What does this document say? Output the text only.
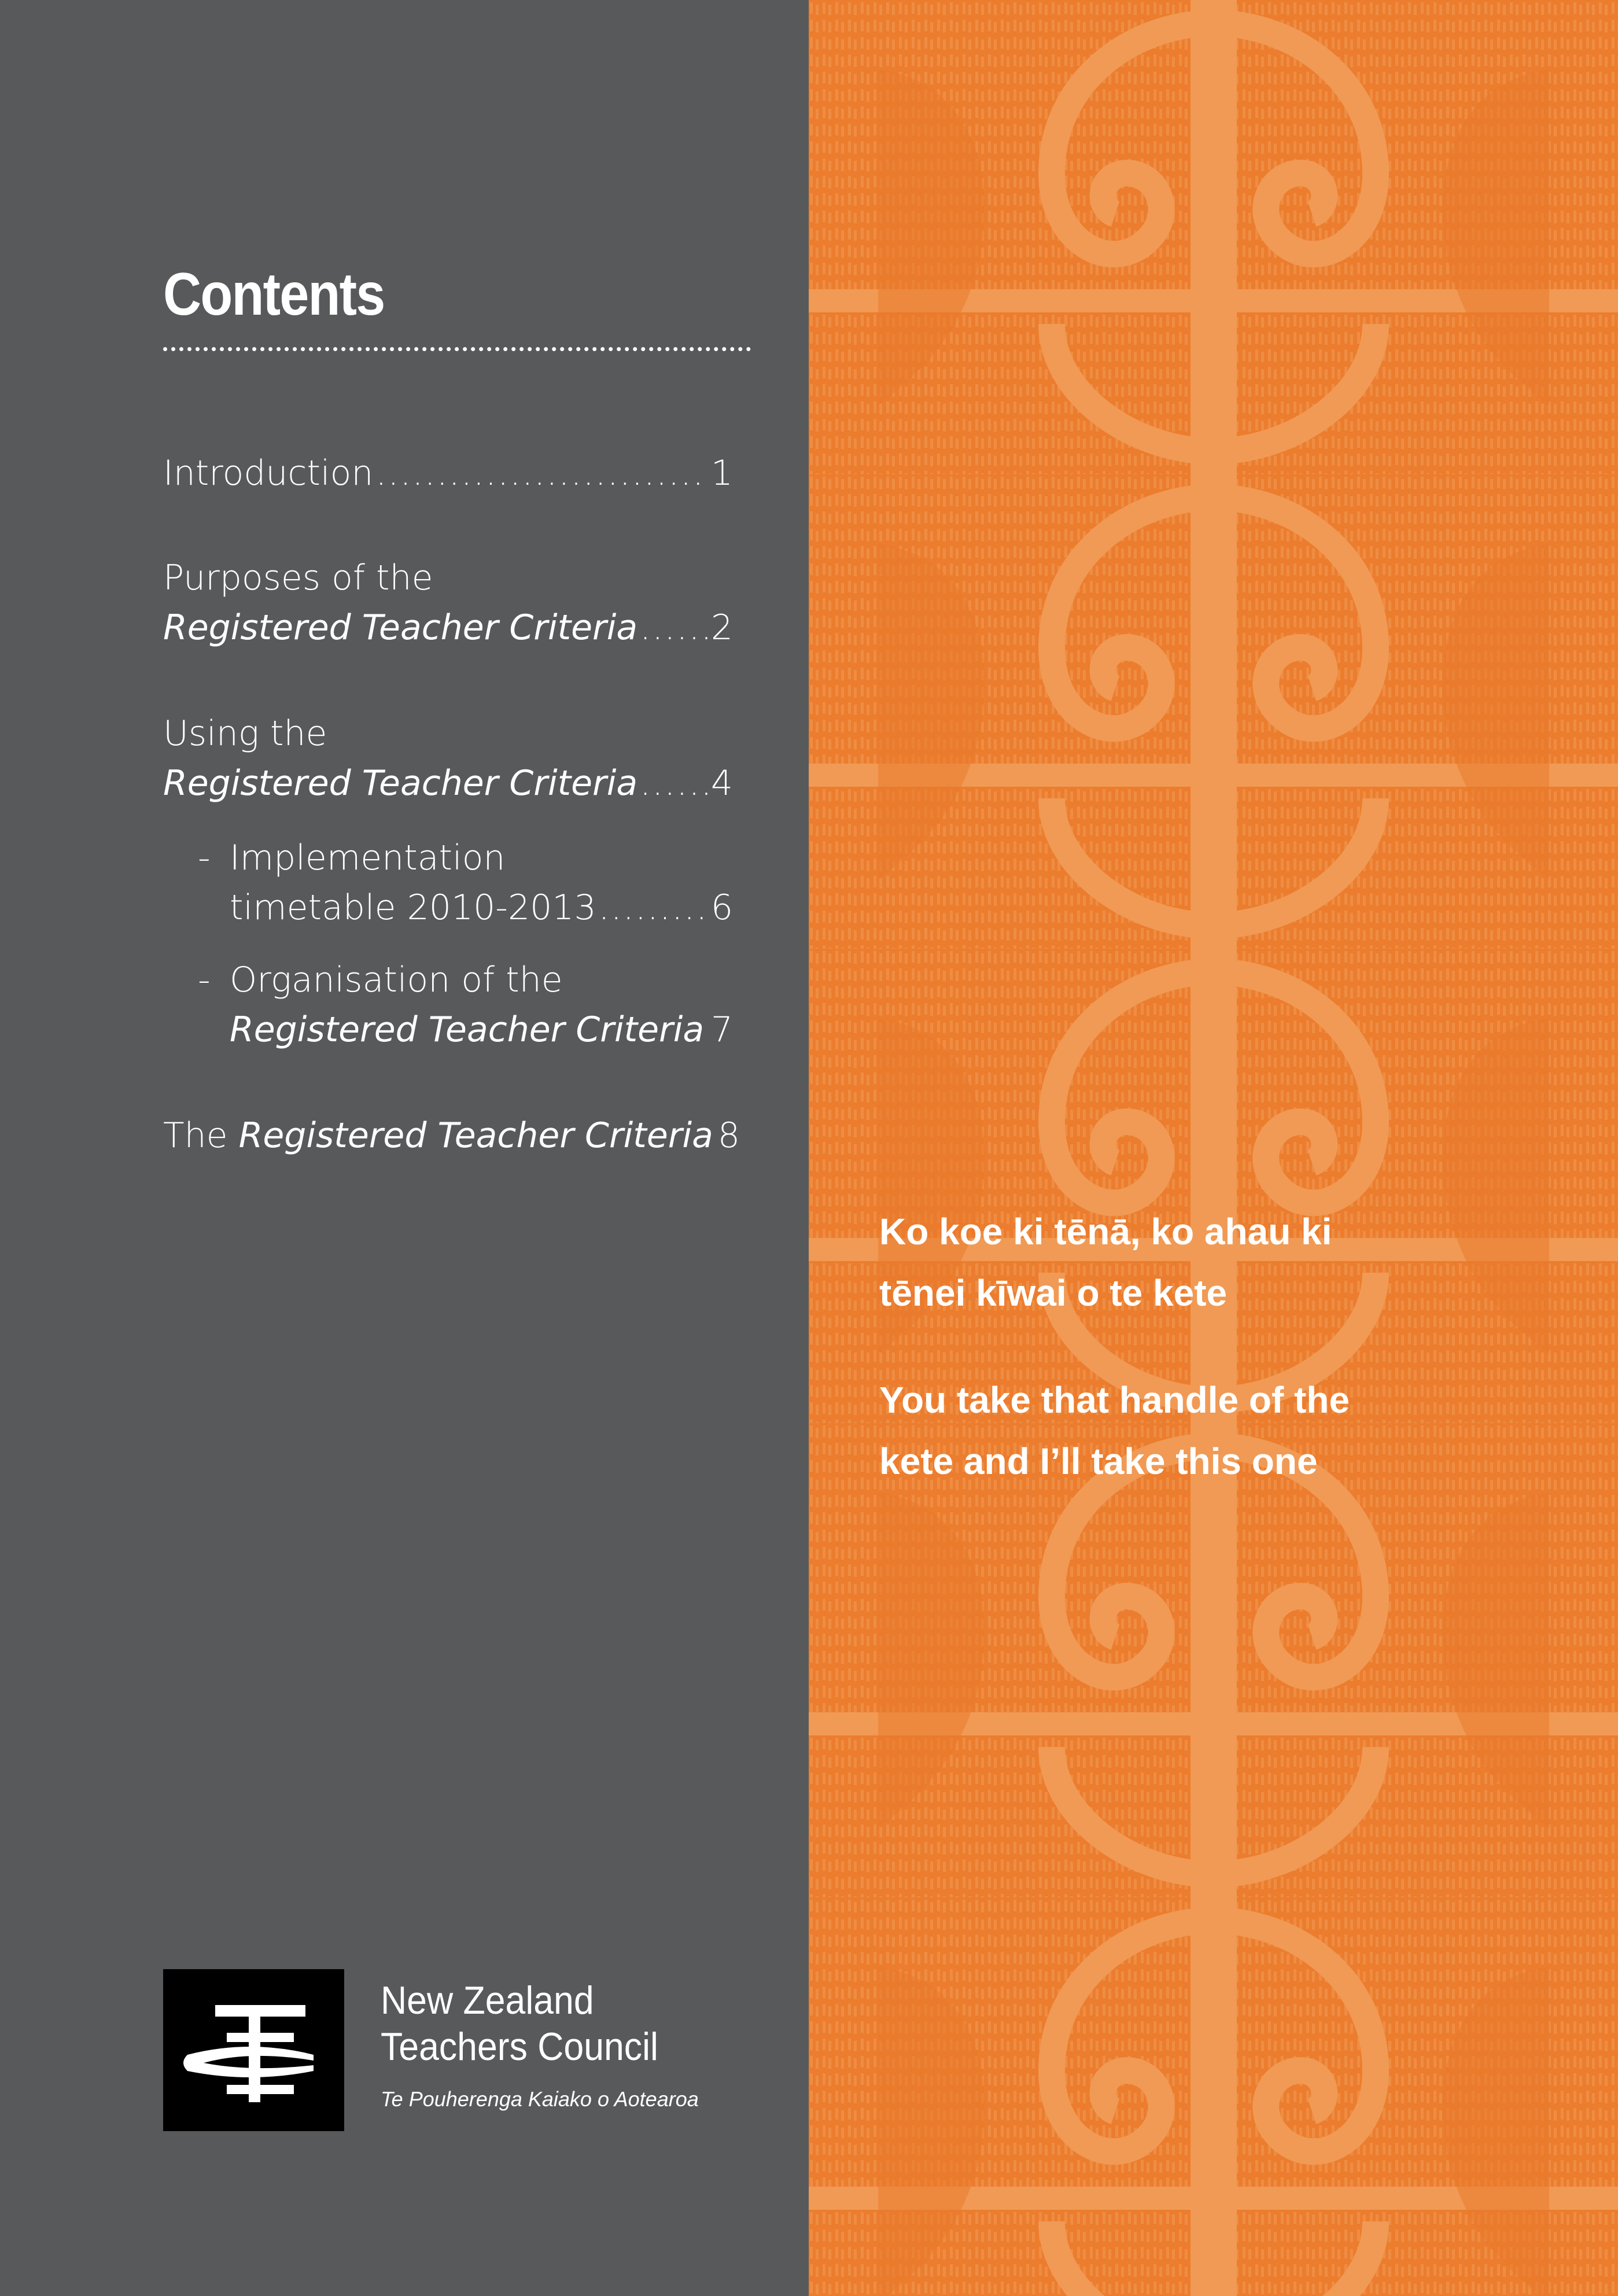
Contents
Introduction .....	1
Purposes of the
Registered Teacher Criteria ..... 2
Using the
Registered Teacher Criteria ..... 4
- Implementation
timetable 2010-2013 .....	6
- Organisation of the
Registered Teacher Criteria ..... 7
The
Registered Teacher Criteria 8
New Zealand
Teachers Council
Te Pouherenga Kaiako o Aotearoa
Ko koe ki tēnā, ko ahau ki
tēnei kīwai o te kete
You take that handle of the
kete and I’ll take this one
